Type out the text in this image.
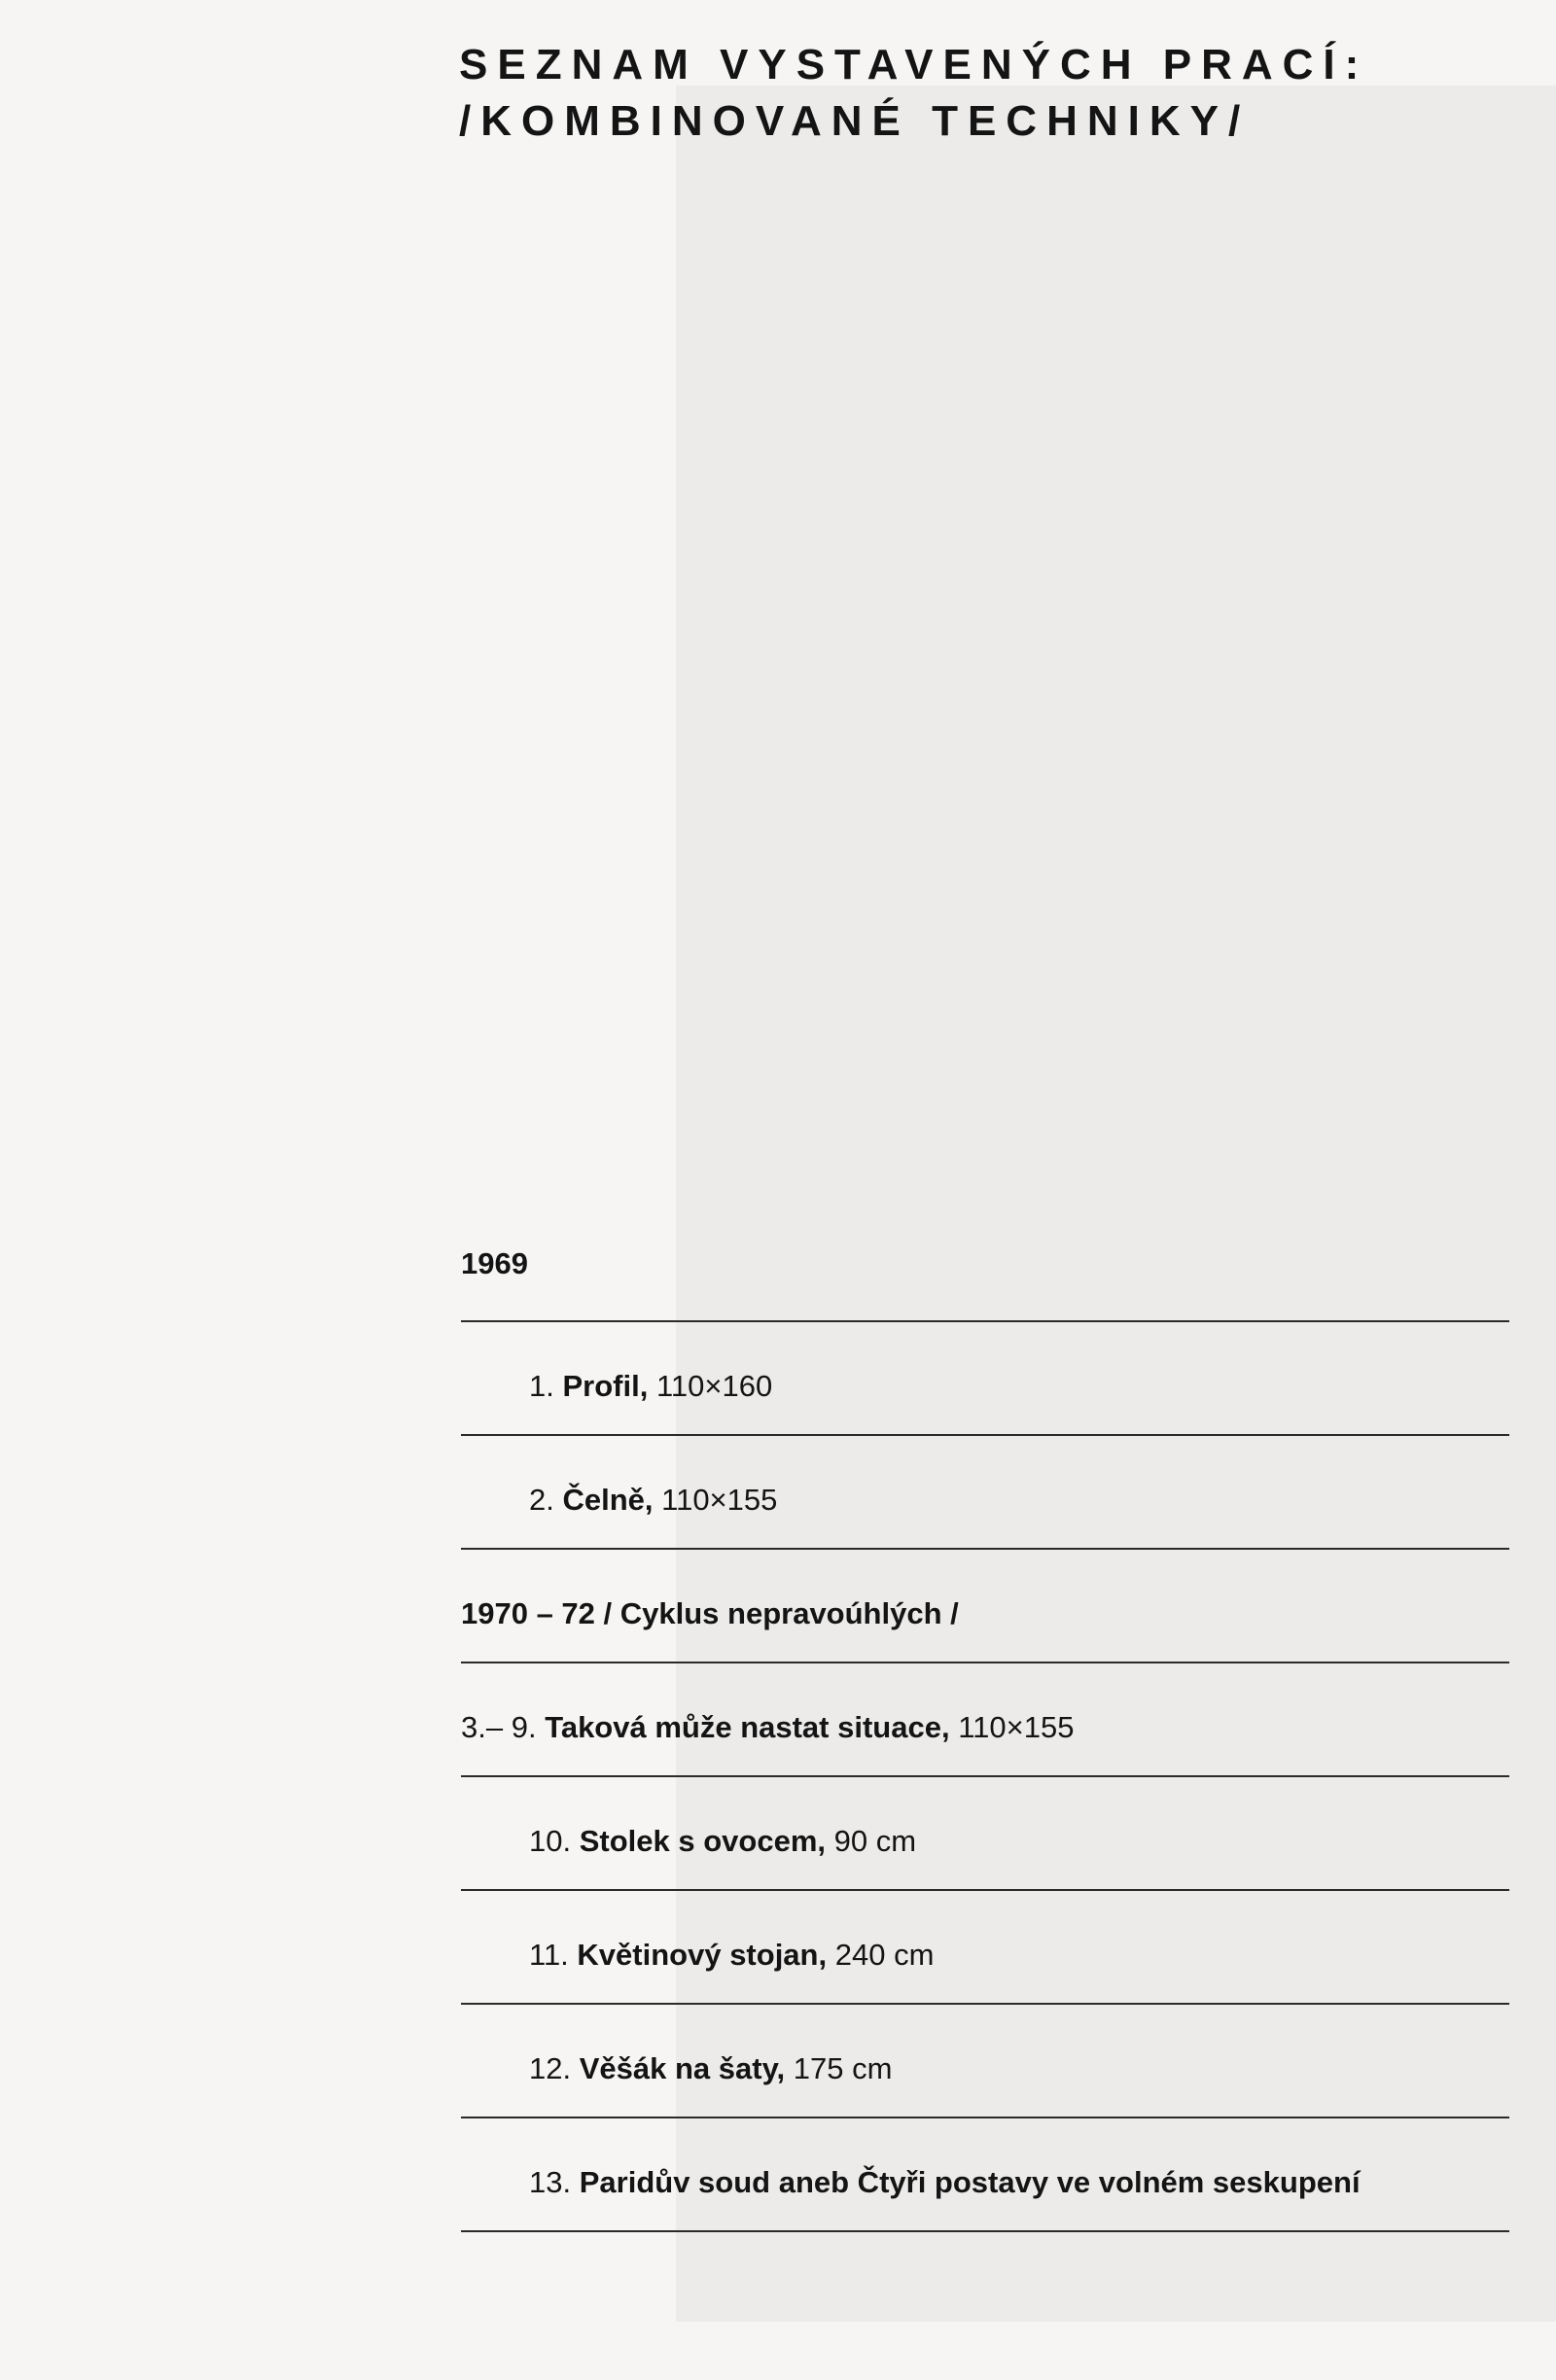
SEZNAM VYSTAVENÝCH PRACÍ:
/KOMBINOVANÉ TECHNIKY/
1969
1. Profil, 110×160
2. Čelně, 110×155
1970 – 72 / Cyklus nepravoúhlých /
3.– 9. Taková může nastat situace, 110×155
10. Stolek s ovocem, 90 cm
11. Květinový stojan, 240 cm
12. Věšák na šaty, 175 cm
13. Paridův soud aneb Čtyři postavy ve volném seskupení
